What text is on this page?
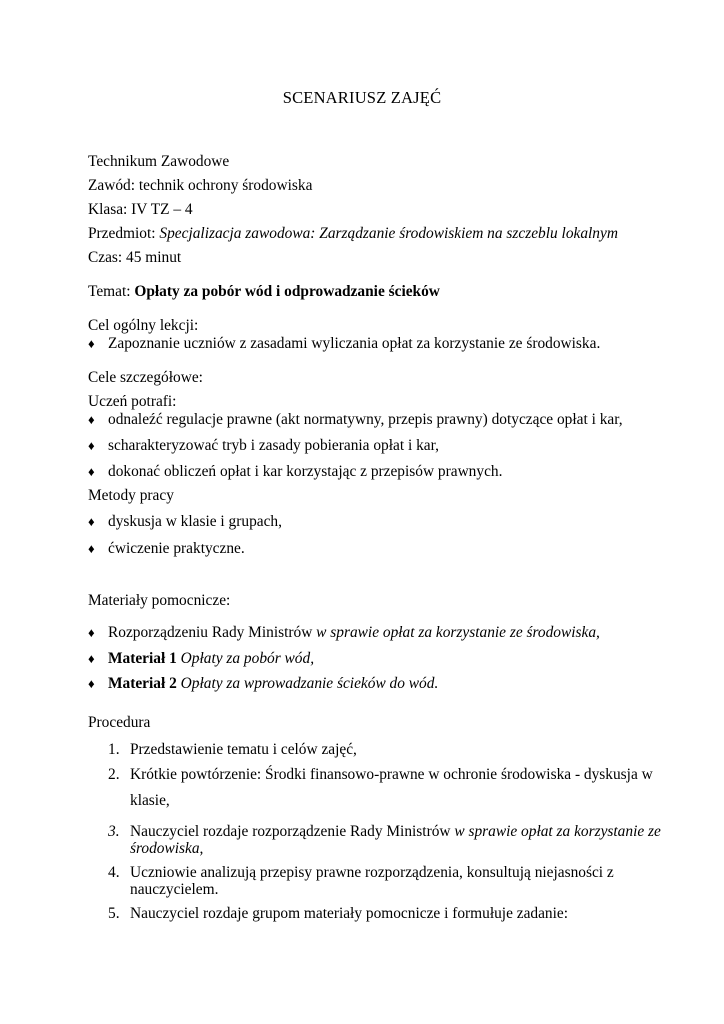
SCENARIUSZ ZAJĘĆ
Technikum Zawodowe
Zawód: technik ochrony środowiska
Klasa: IV TZ – 4
Przedmiot: Specjalizacja zawodowa: Zarządzanie środowiskiem na szczeblu lokalnym
Czas: 45 minut
Temat: Opłaty za pobór wód i odprowadzanie ścieków
Cel ogólny lekcji:
♦ Zapoznanie uczniów z zasadami wyliczania opłat za korzystanie ze środowiska.
Cele szczegółowe:
Uczeń potrafi:
♦ odnaleźć regulacje prawne (akt normatywny, przepis prawny) dotyczące opłat i kar,
♦ scharakteryzować tryb i zasady pobierania opłat i kar,
♦ dokonać obliczeń opłat i kar korzystając z przepisów prawnych.
Metody pracy
♦ dyskusja w klasie i grupach,
♦ ćwiczenie praktyczne.
Materiały pomocnicze:
♦ Rozporządzeniu Rady Ministrów w sprawie opłat za korzystanie ze środowiska,
♦ Materiał 1 Opłaty za pobór wód,
♦ Materiał 2 Opłaty za wprowadzanie ścieków do wód.
Procedura
1. Przedstawienie tematu i celów zajęć,
2. Krótkie powtórzenie: Środki finansowo-prawne w ochronie środowiska - dyskusja w
klasie,
3. Nauczyciel rozdaje rozporządzenie Rady Ministrów w sprawie opłat za korzystanie ze
środowiska,
4. Uczniowie analizują przepisy prawne rozporządzenia, konsultują niejasności z
nauczycielem.
5. Nauczyciel rozdaje grupom materiały pomocnicze i formułuje zadanie:
